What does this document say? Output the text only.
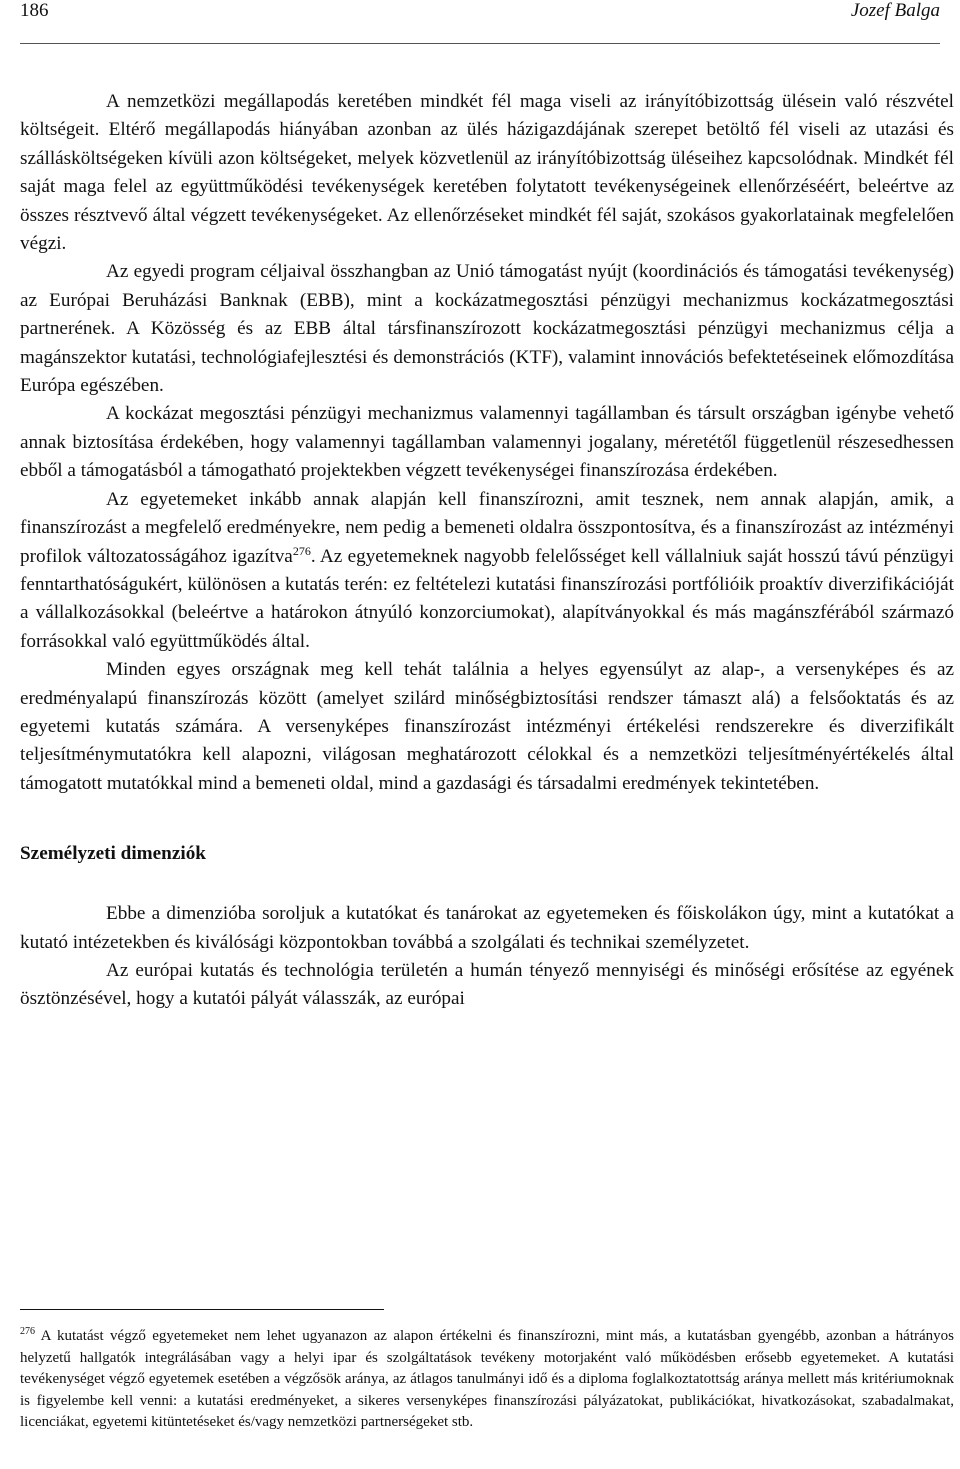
186	Jozef Balga

A nemzetközi megállapodás keretében mindkét fél maga viseli az irányítóbizottság ülésein való részvétel költségeit. Eltérő megállapodás hiányában azonban az ülés házigazdájának szerepet betöltő fél viseli az utazási és szállásköltségeken kívüli azon költségeket, melyek közvetlenül az irányítóbizottság üléseihez kapcsolódnak. Mindkét fél saját maga felel az együttműködési tevékenységek keretében folytatott tevékenységeinek ellenőrzéséért, beleértve az összes résztvevő által végzett tevékenységeket. Az ellenőrzéseket mindkét fél saját, szokásos gyakorlatainak megfelelően végzi.

Az egyedi program céljaival összhangban az Unió támogatást nyújt (koordinációs és támogatási tevékenység) az Európai Beruházási Banknak (EBB), mint a kockázatmegosztási pénzügyi mechanizmus kockázatmegosztási partnerének. A Közösség és az EBB által társfinanszírozott kockázatmegosztási pénzügyi mechanizmus célja a magánszektor kutatási, technológiafejlesztési és demonstrációs (KTF), valamint innovációs befektetéseinek előmozdítása Európa egészében.

A kockázat megosztási pénzügyi mechanizmus valamennyi tagállamban és társult országban igénybe vehető annak biztosítása érdekében, hogy valamennyi tagállamban valamennyi jogalany, méretétől függetlenül részesedhessen ebből a támogatásból a támogatható projektekben végzett tevékenységei finanszírozása érdekében.

Az egyetemeket inkább annak alapján kell finanszírozni, amit tesznek, nem annak alapján, amik, a finanszírozást a megfelelő eredményekre, nem pedig a bemeneti oldalra összpontosítva, és a finanszírozást az intézményi profilok változatosságához igazítva$^{276}$. Az egyetemeknek nagyobb felelősséget kell vállalniuk saját hosszú távú pénzügyi fenntarthatóságukért, különösen a kutatás terén: ez feltételezi kutatási finanszírozási portfólióik proaktív diverzifikációját a vállalkozásokkal (beleértve a határokon átnyúló konzorciumokat), alapítványokkal és más magánszférából származó forrásokkal való együttműködés által.

Minden egyes országnak meg kell tehát találnia a helyes egyensúlyt az alap-, a versenyképes és az eredményalapú finanszírozás között (amelyet szilárd minőségbiztosítási rendszer támaszt alá) a felsőoktatás és az egyetemi kutatás számára. A versenyképes finanszírozást intézményi értékelési rendszerekre és diverzifikált teljesítménymutatókra kell alapozni, világosan meghatározott célokkal és a nemzetközi teljesítményértékelés által támogatott mutatókkal mind a bemeneti oldal, mind a gazdasági és társadalmi eredmények tekintetében.

Személyzeti dimenziók

Ebbe a dimenzióba soroljuk a kutatókat és tanárokat az egyetemeken és főiskolákon úgy, mint a kutatókat a kutató intézetekben és kiválósági központokban továbbá a szolgálati és technikai személyzetet.

Az európai kutatás és technológia területén a humán tényező mennyiségi és minőségi erősítése az egyének ösztönzésével, hogy a kutatói pályát válasszák, az európai

$^{276}$ A kutatást végző egyetemeket nem lehet ugyanazon az alapon értékelni és finanszírozni, mint más, a kutatásban gyengébb, azonban a hátrányos helyzetű hallgatók integrálásában vagy a helyi ipar és szolgáltatások tevékeny motorjaként való működésben erősebb egyetemeket. A kutatási tevékenységet végző egyetemek esetében a végzősök aránya, az átlagos tanulmányi idő és a diploma foglalkoztatottság aránya mellett más kritériumoknak is figyelembe kell venni: a kutatási eredményeket, a sikeres versenyképes finanszírozási pályázatokat, publikációkat, hivatkozásokat, szabadalmakat, licenciákat, egyetemi kitüntetéseket és/vagy nemzetközi partnerségeket stb.
